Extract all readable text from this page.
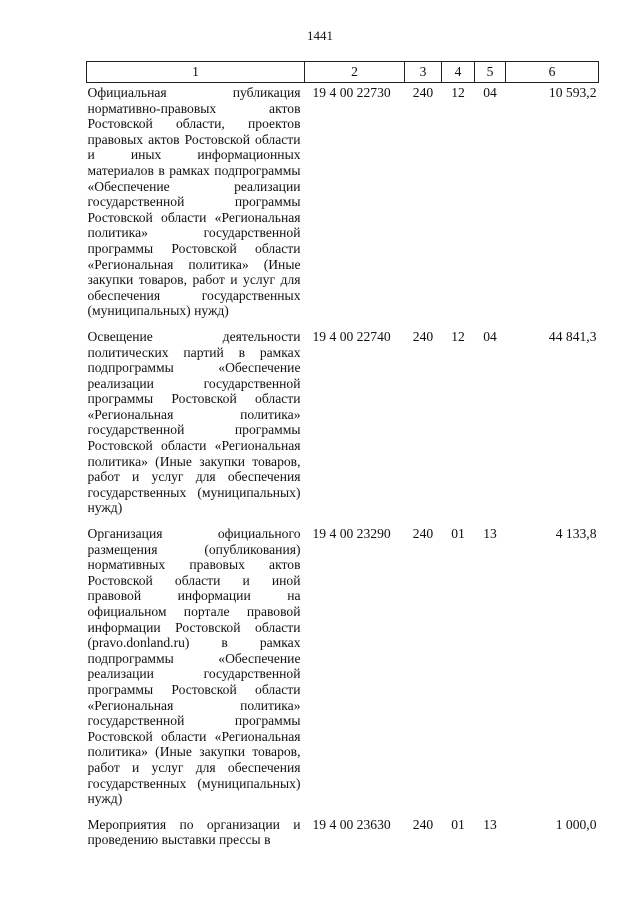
1441
1	2	3	4	5	6
Официальная публикация нормативно-правовых актов Ростовской области, проектов правовых актов Ростовской области и иных информационных материалов в рамках подпрограммы «Обеспечение реализации государственной программы Ростовской области «Региональная политика» государственной программы Ростовской области «Региональная политика» (Иные закупки товаров, работ и услуг для обеспечения государственных (муниципальных) нужд)	19 4 00 22730	240	12	04	10 593,2
Освещение деятельности политических партий в рамках подпрограммы «Обеспечение реализации государственной программы Ростовской области «Региональная политика» государственной программы Ростовской области «Региональная политика» (Иные закупки товаров, работ и услуг для обеспечения государственных (муниципальных) нужд)	19 4 00 22740	240	12	04	44 841,3
Организация официального размещения (опубликования) нормативных правовых актов Ростовской области и иной правовой информации на официальном портале правовой информации Ростовской области (pravo.donland.ru) в рамках подпрограммы «Обеспечение реализации государственной программы Ростовской области «Региональная политика» государственной программы Ростовской области «Региональная политика» (Иные закупки товаров, работ и услуг для обеспечения государственных (муниципальных) нужд)	19 4 00 23290	240	01	13	4 133,8
Мероприятия по организации и проведению выставки прессы в	19 4 00 23630	240	01	13	1 000,0
